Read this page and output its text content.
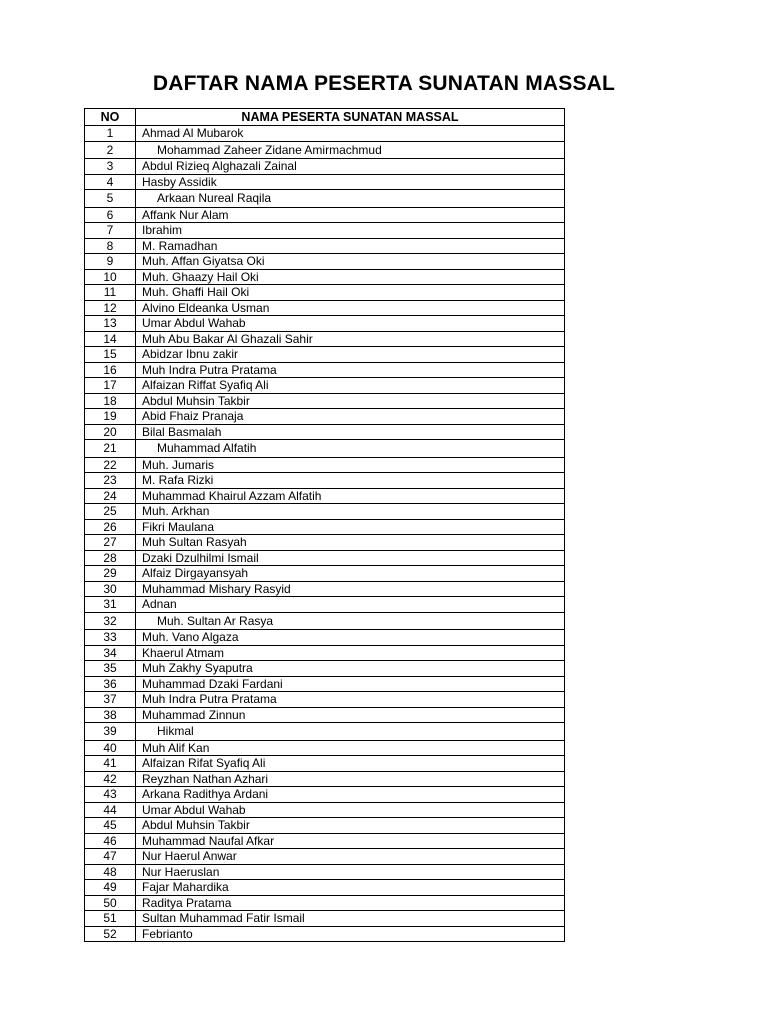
DAFTAR NAMA PESERTA SUNATAN MASSAL
NO	NAMA PESERTA SUNATAN MASSAL
1	Ahmad Al Mubarok
2	Mohammad Zaheer Zidane Amirmachmud
3	Abdul Rizieq Alghazali Zainal
4	Hasby Assidik
5	Arkaan Nureal Raqila
6	Affank Nur Alam
7	Ibrahim
8	M. Ramadhan
9	Muh. Affan Giyatsa Oki
10	Muh. Ghaazy Hail Oki
11	Muh. Ghaffi Hail Oki
12	Alvino Eldeanka Usman
13	Umar Abdul Wahab
14	Muh Abu Bakar Al Ghazali Sahir
15	Abidzar Ibnu zakir
16	Muh Indra Putra Pratama
17	Alfaizan Riffat Syafiq Ali
18	Abdul Muhsin Takbir
19	Abid Fhaiz Pranaja
20	Bilal Basmalah
21	Muhammad Alfatih
22	Muh. Jumaris
23	M. Rafa Rizki
24	Muhammad Khairul Azzam Alfatih
25	Muh. Arkhan
26	Fikri Maulana
27	Muh Sultan Rasyah
28	Dzaki Dzulhilmi Ismail
29	Alfaiz Dirgayansyah
30	Muhammad Mishary Rasyid
31	Adnan
32	Muh. Sultan Ar Rasya
33	Muh. Vano Algaza
34	Khaerul Atmam
35	Muh Zakhy Syaputra
36	Muhammad Dzaki Fardani
37	Muh Indra Putra Pratama
38	Muhammad Zinnun
39	Hikmal
40	Muh Alif Kan
41	Alfaizan Rifat Syafiq Ali
42	Reyzhan Nathan Azhari
43	Arkana Radithya Ardani
44	Umar Abdul Wahab
45	Abdul Muhsin Takbir
46	Muhammad Naufal Afkar
47	Nur Haerul Anwar
48	Nur Haeruslan
49	Fajar Mahardika
50	Raditya Pratama
51	Sultan Muhammad Fatir Ismail
52	Febrianto
